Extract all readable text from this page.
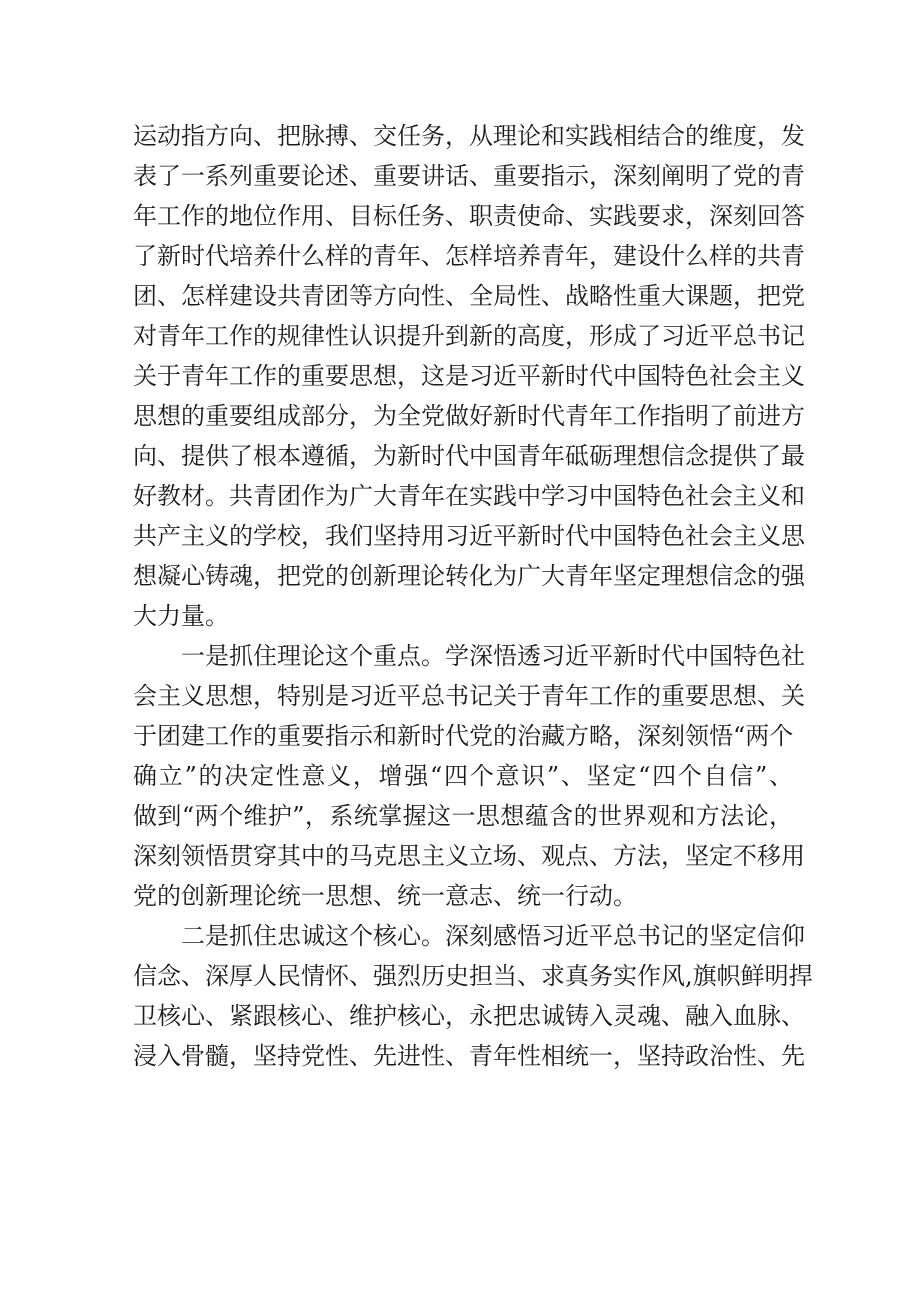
运动指方向、把脉搏、交任务，从理论和实践相结合的维度，发
表了一系列重要论述、重要讲话、重要指示，深刻阐明了党的青
年工作的地位作用、目标任务、职责使命、实践要求，深刻回答
了新时代培养什么样的青年、怎样培养青年，建设什么样的共青
团、怎样建设共青团等方向性、全局性、战略性重大课题，把党
对青年工作的规律性认识提升到新的高度，形成了习近平总书记
关于青年工作的重要思想，这是习近平新时代中国特色社会主义
思想的重要组成部分，为全党做好新时代青年工作指明了前进方
向、提供了根本遵循，为新时代中国青年砥砺理想信念提供了最
好教材。共青团作为广大青年在实践中学习中国特色社会主义和
共产主义的学校，我们坚持用习近平新时代中国特色社会主义思
想凝心铸魂，把党的创新理论转化为广大青年坚定理想信念的强
大力量。
一是抓住理论这个重点。学深悟透习近平新时代中国特色社
会主义思想，特别是习近平总书记关于青年工作的重要思想、关
于团建工作的重要指示和新时代党的治藏方略，深刻领悟“两个
确立”的决定性意义，增强“四个意识”、坚定“四个自信”、
做到“两个维护”，系统掌握这一思想蕴含的世界观和方法论，
深刻领悟贯穿其中的马克思主义立场、观点、方法，坚定不移用
党的创新理论统一思想、统一意志、统一行动。
二是抓住忠诚这个核心。深刻感悟习近平总书记的坚定信仰
信念、深厚人民情怀、强烈历史担当、求真务实作风,旗帜鲜明捍
卫核心、紧跟核心、维护核心，永把忠诚铸入灵魂、融入血脉、
浸入骨髓，坚持党性、先进性、青年性相统一，坚持政治性、先
